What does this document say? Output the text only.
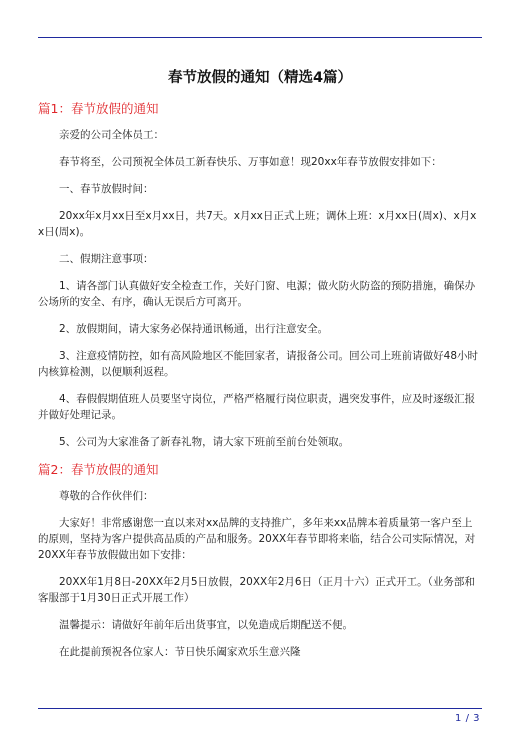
春节放假的通知（精选4篇）

篇1：春节放假的通知

亲爱的公司全体员工：

春节将至，公司预祝全体员工新春快乐、万事如意！现20xx年春节放假安排如下：

一、春节放假时间：

20xx年x月xx日至x月xx日，共7天。x月xx日正式上班；调休上班：x月xx日(周x)、x月xx日(周x)。

二、假期注意事项：

1、请各部门认真做好安全检查工作，关好门窗、电源；做火防火防盗的预防措施，确保办公场所的安全、有序，确认无误后方可离开。

2、放假期间，请大家务必保持通讯畅通，出行注意安全。

3、注意疫情防控，如有高风险地区不能回家者，请报备公司。回公司上班前请做好48小时内核算检测，以便顺利返程。

4、春假假期值班人员要坚守岗位，严格严格履行岗位职责，遇突发事件，应及时逐级汇报并做好处理记录。

5、公司为大家准备了新春礼物，请大家下班前至前台处领取。

篇2：春节放假的通知

尊敬的合作伙伴们：

大家好！非常感谢您一直以来对xx品牌的支持推广，多年来xx品牌本着质量第一客户至上的原则，坚持为客户提供高品质的产品和服务。20XX年春节即将来临，结合公司实际情况，对20XX年春节放假做出如下安排：

20XX年1月8日-20XX年2月5日放假，20XX年2月6日（正月十六）正式开工。（业务部和客服部于1月30日正式开展工作）

温馨提示：请做好年前年后出货事宜，以免造成后期配送不便。

在此提前预祝各位家人：节日快乐阖家欢乐生意兴隆

1 / 3
